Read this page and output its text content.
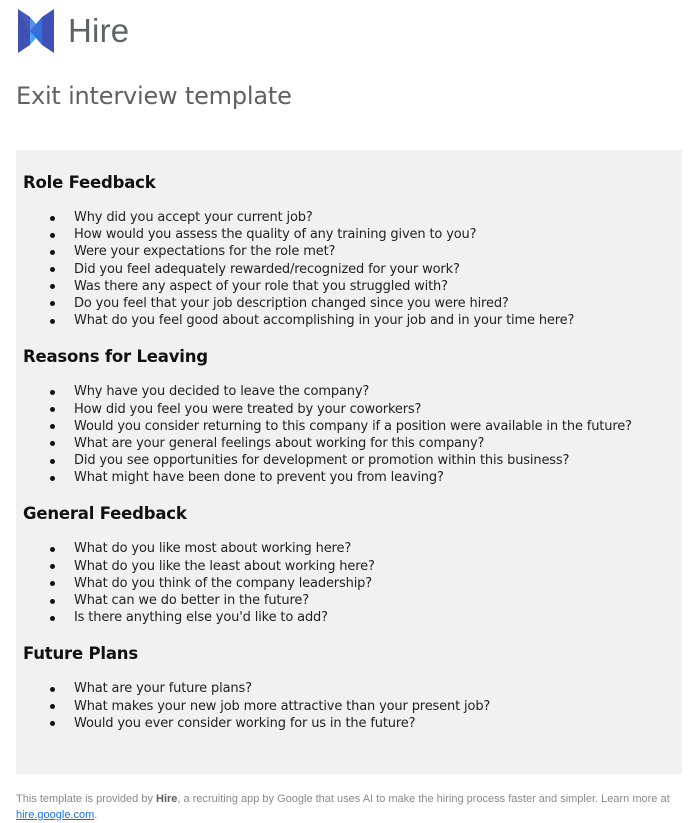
Hire
Exit interview template
Role Feedback
Why did you accept your current job?
How would you assess the quality of any training given to you?
Were your expectations for the role met?
Did you feel adequately rewarded/recognized for your work?
Was there any aspect of your role that you struggled with?
Do you feel that your job description changed since you were hired?
What do you feel good about accomplishing in your job and in your time here?
Reasons for Leaving
Why have you decided to leave the company?
How did you feel you were treated by your coworkers?
Would you consider returning to this company if a position were available in the future?
What are your general feelings about working for this company?
Did you see opportunities for development or promotion within this business?
What might have been done to prevent you from leaving?
General Feedback
What do you like most about working here?
What do you like the least about working here?
What do you think of the company leadership?
What can we do better in the future?
Is there anything else you'd like to add?
Future Plans
What are your future plans?
What makes your new job more attractive than your present job?
Would you ever consider working for us in the future?
This template is provided by Hire, a recruiting app by Google that uses AI to make the hiring process faster and simpler. Learn more at hire.google.com.
